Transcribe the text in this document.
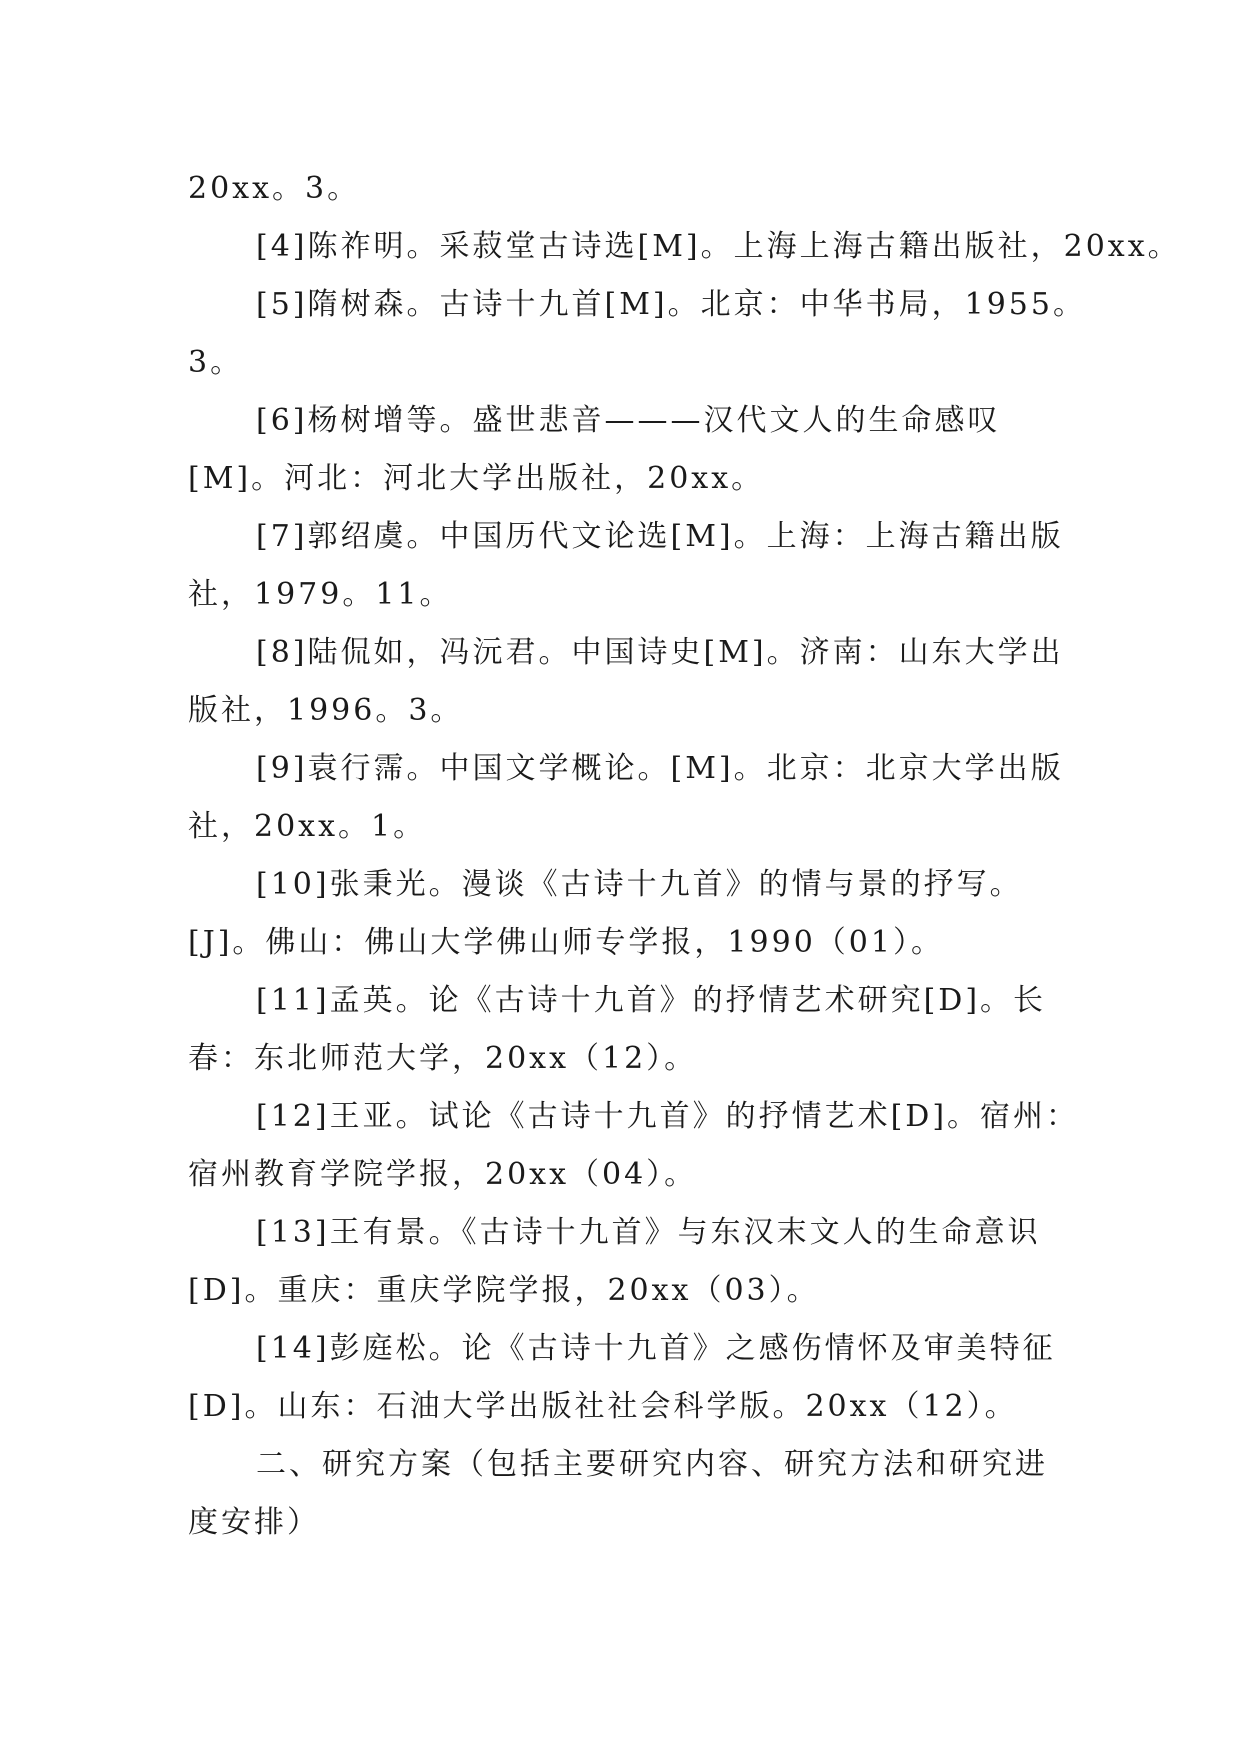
20xx。3。
[4]陈祚明。采菽堂古诗选[M]。上海上海古籍出版社，20xx。
[5]隋树森。古诗十九首[M]。北京：中华书局，1955。
3。
[6]杨树增等。盛世悲音———汉代文人的生命感叹
[M]。河北：河北大学出版社，20xx。
[7]郭绍虞。中国历代文论选[M]。上海：上海古籍出版
社，1979。11。
[8]陆侃如，冯沅君。中国诗史[M]。济南：山东大学出
版社，1996。3。
[9]袁行霈。中国文学概论。[M]。北京：北京大学出版
社，20xx。1。
[10]张秉光。漫谈《古诗十九首》的情与景的抒写。
[J]。佛山：佛山大学佛山师专学报，1990（01）。
[11]孟英。论《古诗十九首》的抒情艺术研究[D]。长
春：东北师范大学，20xx（12）。
[12]王亚。试论《古诗十九首》的抒情艺术[D]。宿州：
宿州教育学院学报，20xx（04）。
[13]王有景。《古诗十九首》与东汉末文人的生命意识
[D]。重庆：重庆学院学报，20xx（03）。
[14]彭庭松。论《古诗十九首》之感伤情怀及审美特征
[D]。山东：石油大学出版社社会科学版。20xx（12）。
二、研究方案（包括主要研究内容、研究方法和研究进
度安排）
